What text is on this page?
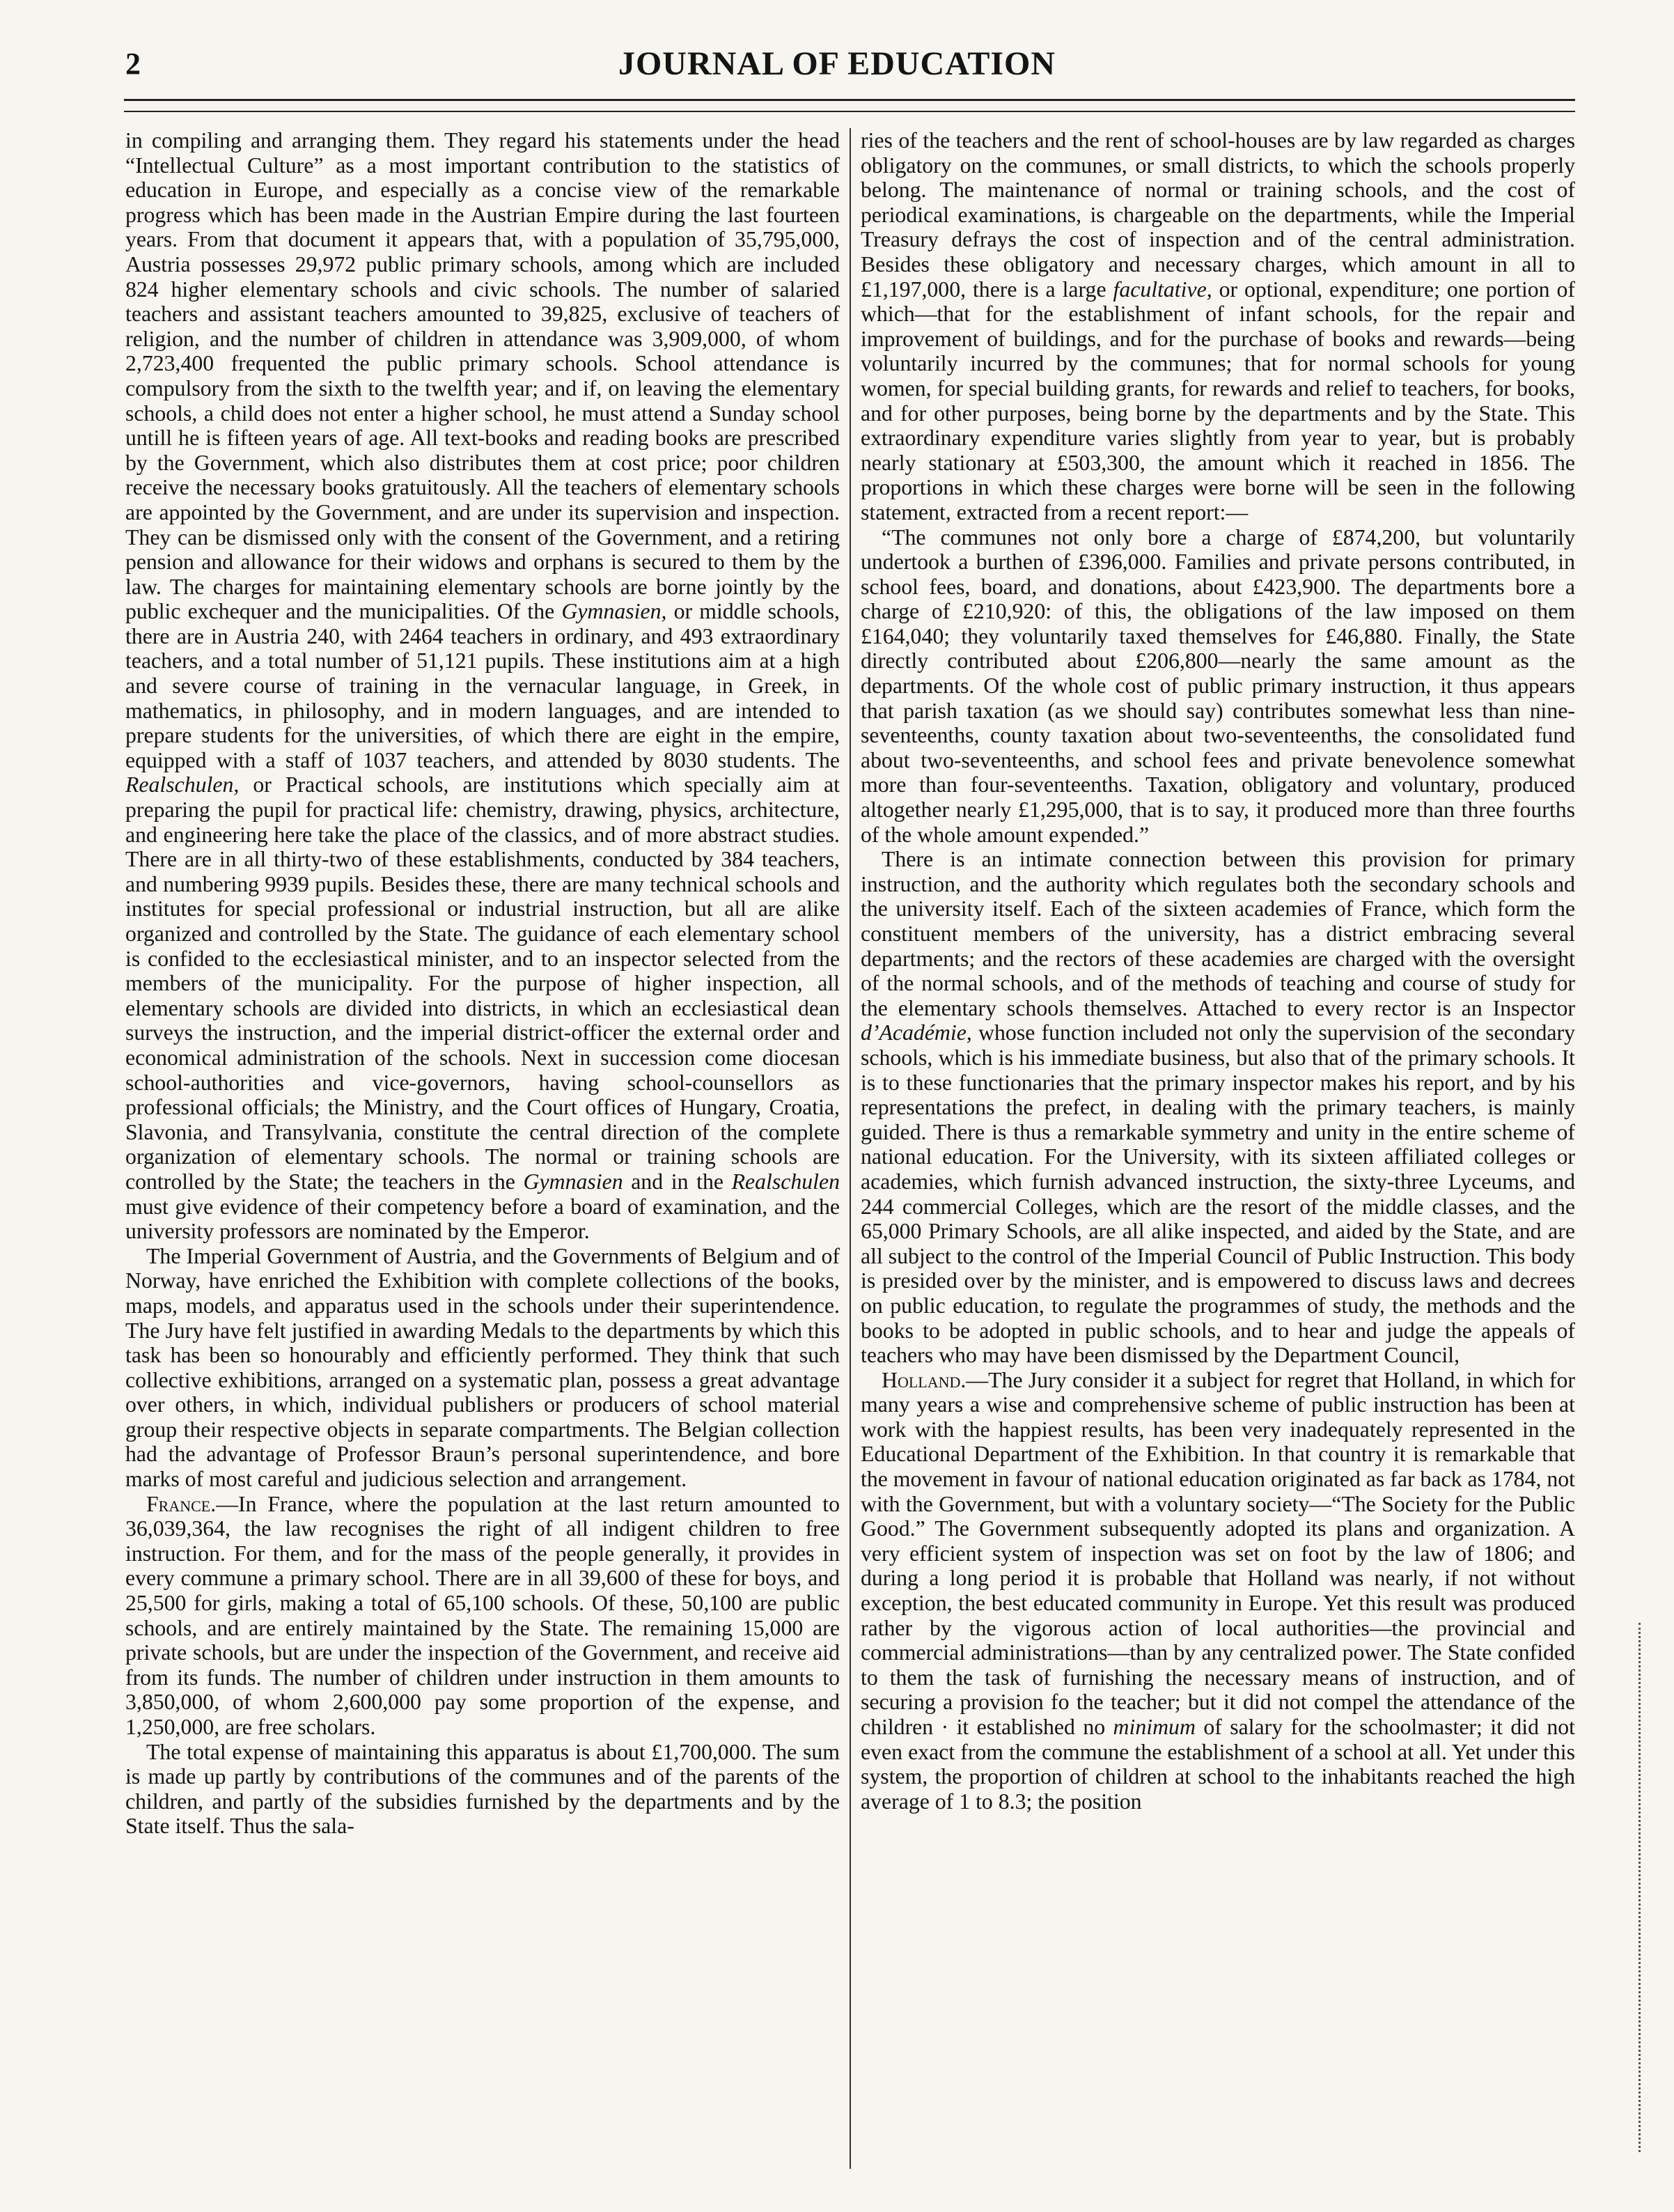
2	JOURNAL OF EDUCATION

in compiling and arranging them. They regard his statements under the head “Intellectual Culture” as a most important contribution to the statistics of education in Europe, and especially as a concise view of the remarkable progress which has been made in the Austrian Empire during the last fourteen years. From that document it appears that, with a population of 35,795,000, Austria possesses 29,972 public primary schools, among which are included 824 higher elementary schools and civic schools. The number of salaried teachers and assistant teachers amounted to 39,825, exclusive of teachers of religion, and the number of children in attendance was 3,909,000, of whom 2,723,400 frequented the public primary schools. School attendance is compulsory from the sixth to the twelfth year; and if, on leaving the elementary schools, a child does not enter a higher school, he must attend a Sunday school untill he is fifteen years of age. All text-books and reading books are prescribed by the Government, which also distributes them at cost price; poor children receive the necessary books gratuitously. All the teachers of elementary schools are appointed by the Government, and are under its supervision and inspection. They can be dismissed only with the consent of the Government, and a retiring pension and allowance for their widows and orphans is secured to them by the law. The charges for maintaining elementary schools are borne jointly by the public exchequer and the municipalities. Of the Gymnasien, or middle schools, there are in Austria 240, with 2464 teachers in ordinary, and 493 extraordinary teachers, and a total number of 51,121 pupils. These institutions aim at a high and severe course of training in the vernacular language, in Greek, in mathematics, in philosophy, and in modern languages, and are intended to prepare students for the universities, of which there are eight in the empire, equipped with a staff of 1037 teachers, and attended by 8030 students. The Realschulen, or Practical schools, are institutions which specially aim at preparing the pupil for practical life: chemistry, drawing, physics, architecture, and engineering here take the place of the classics, and of more abstract studies. There are in all thirty-two of these establishments, conducted by 384 teachers, and numbering 9939 pupils. Besides these, there are many technical schools and institutes for special professional or industrial instruction, but all are alike organized and controlled by the State. The guidance of each elementary school is confided to the ecclesiastical minister, and to an inspector selected from the members of the municipality. For the purpose of higher inspection, all elementary schools are divided into districts, in which an ecclesiastical dean surveys the instruction, and the imperial district-officer the external order and economical administration of the schools. Next in succession come diocesan school-authorities and vice-governors, having school-counsellors as professional officials; the Ministry, and the Court offices of Hungary, Croatia, Slavonia, and Transylvania, constitute the central direction of the complete organization of elementary schools. The normal or training schools are controlled by the State; the teachers in the Gymnasien and in the Realschulen must give evidence of their competency before a board of examination, and the university professors are nominated by the Emperor.

The Imperial Government of Austria, and the Governments of Belgium and of Norway, have enriched the Exhibition with complete collections of the books, maps, models, and apparatus used in the schools under their superintendence. The Jury have felt justified in awarding Medals to the departments by which this task has been so honourably and efficiently performed. They think that such collective exhibitions, arranged on a systematic plan, possess a great advantage over others, in which, individual publishers or producers of school material group their respective objects in separate compartments. The Belgian collection had the advantage of Professor Braun’s personal superintendence, and bore marks of most careful and judicious selection and arrangement.

France.—In France, where the population at the last return amounted to 36,039,364, the law recognises the right of all indigent children to free instruction. For them, and for the mass of the people generally, it provides in every commune a primary school. There are in all 39,600 of these for boys, and 25,500 for girls, making a total of 65,100 schools. Of these, 50,100 are public schools, and are entirely maintained by the State. The remaining 15,000 are private schools, but are under the inspection of the Government, and receive aid from its funds. The number of children under instruction in them amounts to 3,850,000, of whom 2,600,000 pay some proportion of the expense, and 1,250,000, are free scholars.

The total expense of maintaining this apparatus is about £1,700,000. The sum is made up partly by contributions of the communes and of the parents of the children, and partly of the subsidies furnished by the departments and by the State itself. Thus the sala-

ries of the teachers and the rent of school-houses are by law regarded as charges obligatory on the communes, or small districts, to which the schools properly belong. The maintenance of normal or training schools, and the cost of periodical examinations, is chargeable on the departments, while the Imperial Treasury defrays the cost of inspection and of the central administration. Besides these obligatory and necessary charges, which amount in all to £1,197,000, there is a large facultative, or optional, expenditure; one portion of which—that for the establishment of infant schools, for the repair and improvement of buildings, and for the purchase of books and rewards—being voluntarily incurred by the communes; that for normal schools for young women, for special building grants, for rewards and relief to teachers, for books, and for other purposes, being borne by the departments and by the State. This extraordinary expenditure varies slightly from year to year, but is probably nearly stationary at £503,300, the amount which it reached in 1856. The proportions in which these charges were borne will be seen in the following statement, extracted from a recent report:—

“The communes not only bore a charge of £874,200, but voluntarily undertook a burthen of £396,000. Families and private persons contributed, in school fees, board, and donations, about £423,900. The departments bore a charge of £210,920: of this, the obligations of the law imposed on them £164,040; they voluntarily taxed themselves for £46,880. Finally, the State directly contributed about £206,800—nearly the same amount as the departments. Of the whole cost of public primary instruction, it thus appears that parish taxation (as we should say) contributes somewhat less than nine-seventeenths, county taxation about two-seventeenths, the consolidated fund about two-seventeenths, and school fees and private benevolence somewhat more than four-seventeenths. Taxation, obligatory and voluntary, produced altogether nearly £1,295,000, that is to say, it produced more than three fourths of the whole amount expended.”

There is an intimate connection between this provision for primary instruction, and the authority which regulates both the secondary schools and the university itself. Each of the sixteen academies of France, which form the constituent members of the university, has a district embracing several departments; and the rectors of these academies are charged with the oversight of the normal schools, and of the methods of teaching and course of study for the elementary schools themselves. Attached to every rector is an Inspector d’Académie, whose function included not only the supervision of the secondary schools, which is his immediate business, but also that of the primary schools. It is to these functionaries that the primary inspector makes his report, and by his representations the prefect, in dealing with the primary teachers, is mainly guided. There is thus a remarkable symmetry and unity in the entire scheme of national education. For the University, with its sixteen affiliated colleges or academies, which furnish advanced instruction, the sixty-three Lyceums, and 244 commercial Colleges, which are the resort of the middle classes, and the 65,000 Primary Schools, are all alike inspected, and aided by the State, and are all subject to the control of the Imperial Council of Public Instruction. This body is presided over by the minister, and is empowered to discuss laws and decrees on public education, to regulate the programmes of study, the methods and the books to be adopted in public schools, and to hear and judge the appeals of teachers who may have been dismissed by the Department Council,

Holland.—The Jury consider it a subject for regret that Holland, in which for many years a wise and comprehensive scheme of public instruction has been at work with the happiest results, has been very inadequately represented in the Educational Department of the Exhibition. In that country it is remarkable that the movement in favour of national education originated as far back as 1784, not with the Government, but with a voluntary society—“The Society for the Public Good.” The Government subsequently adopted its plans and organization. A very efficient system of inspection was set on foot by the law of 1806; and during a long period it is probable that Holland was nearly, if not without exception, the best educated community in Europe. Yet this result was produced rather by the vigorous action of local authorities—the provincial and commercial administrations—than by any centralized power. The State confided to them the task of furnishing the necessary means of instruction, and of securing a provision fo the teacher; but it did not compel the attendance of the children · it established no minimum of salary for the schoolmaster; it did not even exact from the commune the establishment of a school at all. Yet under this system, the proportion of children at school to the inhabitants reached the high average of 1 to 8.3; the position
